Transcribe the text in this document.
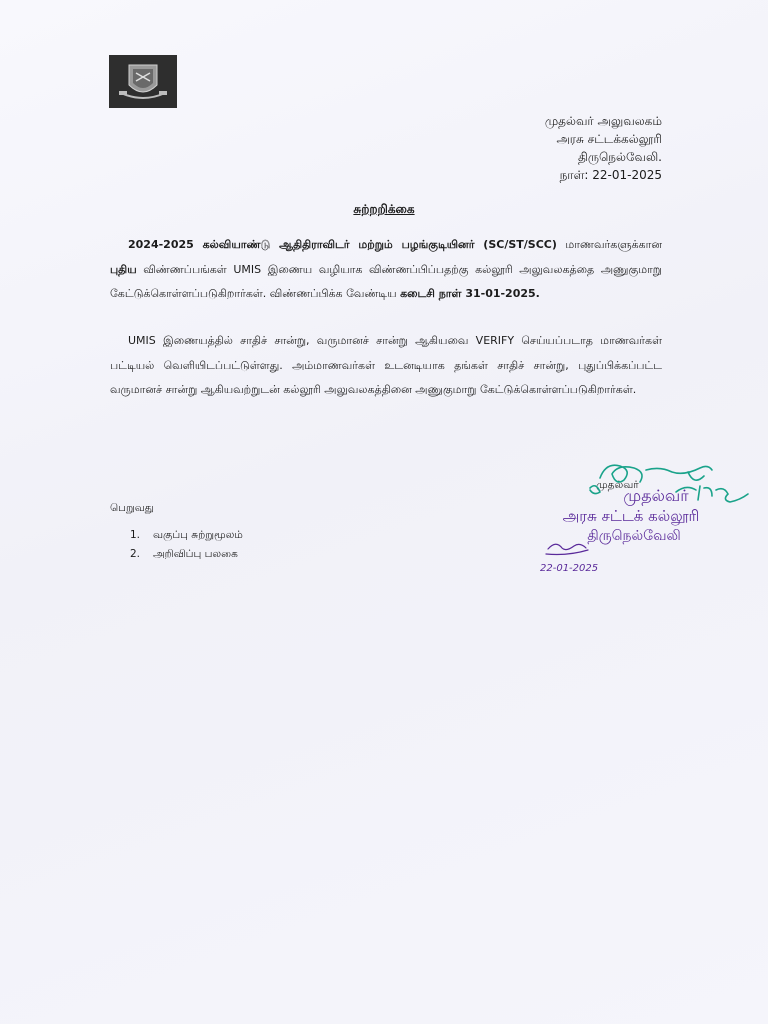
முதல்வர் அலுவலகம்
அரசு சட்டக்கல்லூரி
திருநெல்வேலி.
நாள்: 22-01-2025
சுற்றறிக்கை
2024-2025 கல்வியாண்டு ஆதிதிராவிடர் மற்றும் பழங்குடியினர் (SC/ST/SCC) மாணவர்களுக்கான புதிய விண்ணப்பங்கள் UMIS இணைய வழியாக விண்ணப்பிப்பதற்கு கல்லூரி அலுவலகத்தை அணுகுமாறு கேட்டுக்கொள்ளப்படுகிறார்கள். விண்ணப்பிக்க வேண்டிய கடைசி நாள் 31-01-2025.
UMIS இணையத்தில் சாதிச் சான்று, வருமானச் சான்று ஆகியவை VERIFY செய்யப்படாத மாணவர்கள் பட்டியல் வெளியிடப்பட்டுள்ளது. அம்மாணவர்கள் உடனடியாக தங்கள் சாதிச் சான்று, புதுப்பிக்கப்பட்ட வருமானச் சான்று ஆகியவற்றுடன் கல்லூரி அலுவலகத்தினை அணுகுமாறு கேட்டுக்கொள்ளப்படுகிறார்கள்.
முதல்வர்
பெறுவது
1.	வகுப்பு சுற்றுமூலம்
2.	அறிவிப்பு பலகை
முதல்வர்
அரசு சட்டக் கல்லூரி
திருநெல்வேலி
22-01-2025
